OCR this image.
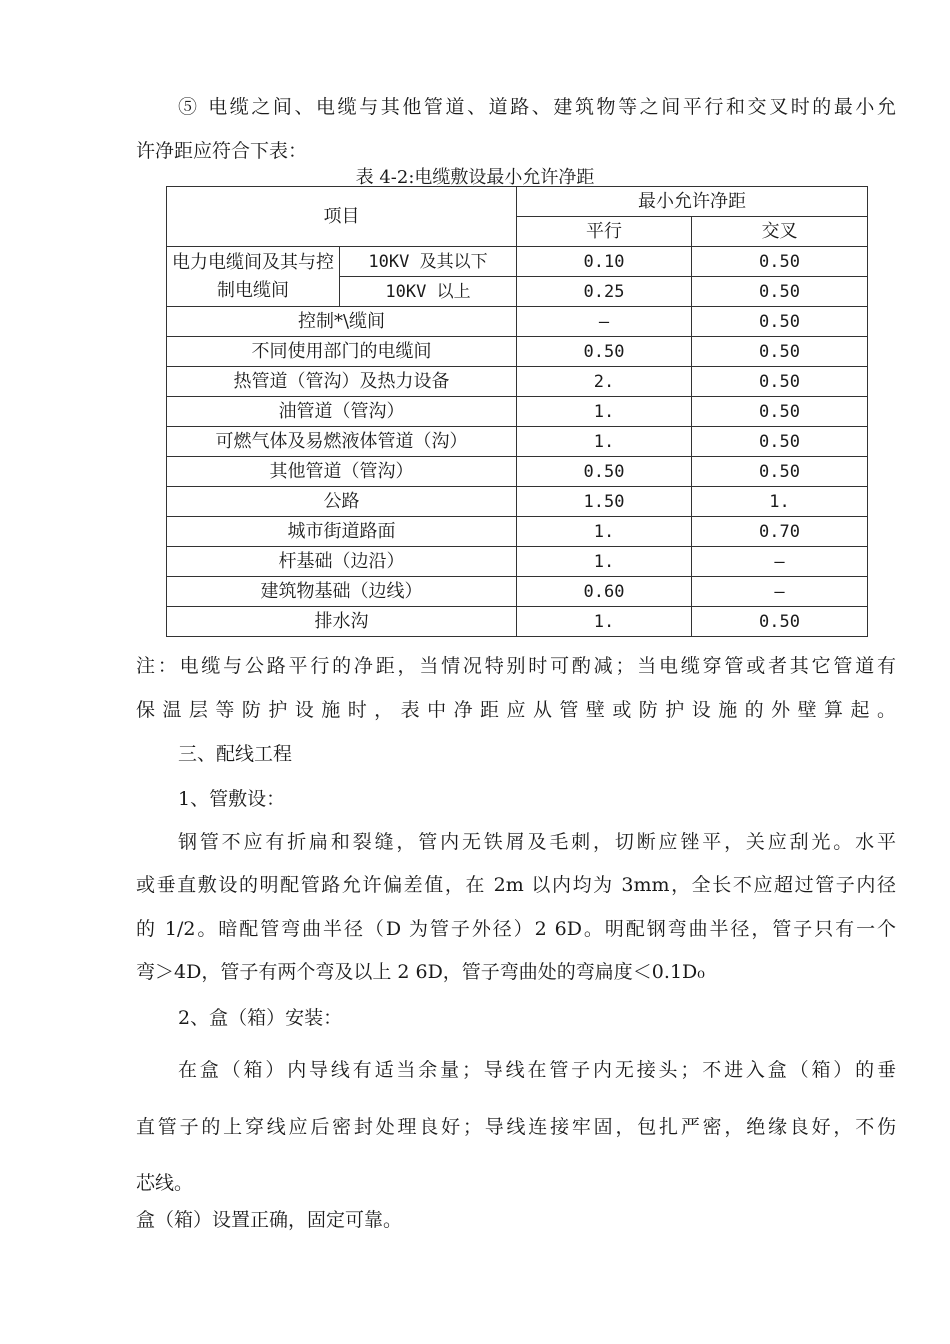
⑤ 电缆之间、电缆与其他管道、道路、建筑物等之间平行和交叉时的最小允
许净距应符合下表：
表 4-2:电缆敷设最小允许净距
项目		最小允许净距	
		平行	交叉
电力电缆间及其与控制电缆间	10KV 及其以下	0.10	0.50
	10KV 以上	0.25	0.50
控制*\缆间		—	0.50
不同使用部门的电缆间		0.50	0.50
热管道（管沟）及热力设备		2.	0.50
油管道（管沟）		1.	0.50
可燃气体及易燃液体管道（沟）		1.	0.50
其他管道（管沟）		0.50	0.50
公路		1.50	1.
城市街道路面		1.	0.70
杆基础（边沿）		1.	—
建筑物基础（边线）		0.60	—
排水沟		1.	0.50
注：电缆与公路平行的净距，当情况特别时可酌减；当电缆穿管或者其它管道有
保温层等防护设施时，表中净距应从管壁或防护设施的外壁算起。
三、配线工程
1、管敷设：
钢管不应有折扁和裂缝，管内无铁屑及毛刺，切断应锉平，关应刮光。水平
或垂直敷设的明配管路允许偏差值，在 2m 以内均为 3mm，全长不应超过管子内径
的 1/2。暗配管弯曲半径（D 为管子外径）2 6D。明配钢弯曲半径，管子只有一个
弯＞4D，管子有两个弯及以上 2 6D，管子弯曲处的弯扁度＜0.1D₀
2、盒（箱）安装：
在盒（箱）内导线有适当余量；导线在管子内无接头；不进入盒（箱）的垂
直管子的上穿线应后密封处理良好；导线连接牢固，包扎严密，绝缘良好，不伤
芯线。
盒（箱）设置正确，固定可靠。
